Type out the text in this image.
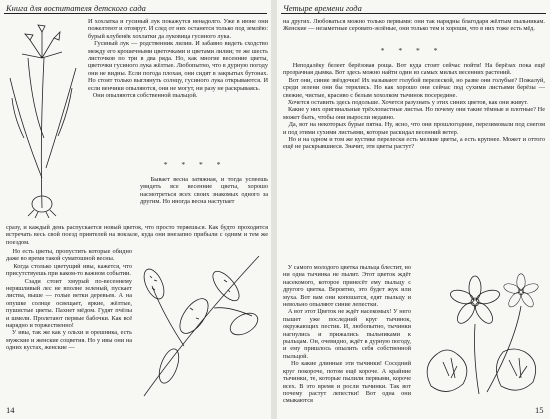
Книга для воспитателя детского сада
И хохлатка и гусиный лук покажутся ненадолго. Уже в июне они пожелтеют и отомрут. И след от них останется только под землёю: бурый клубенёк хохлатки да луковица гусиного лука.
Гусиный лук — родственник лилии. И забавно видеть сходство между его крошечными цветочками и цветами лилии; те же шесть листочков по три в два ряда. Но, как многие весенние цветы, цветочки гусиного лука жёлтые. Любопытно, что в дурную погоду они не видны. Если погода плохая, они сидят в закрытых бутонах. Но стоит только выглянуть солнцу, гусиного лука открываются. И если венчики опыляются, они не могут, ни разу не раскрываясь.
Они опыляются собственной пыльцой.
* * * *
Бывает весна затяжная, и тогда успеешь увидеть все весенние цветы, хорошо насмотреться всех своих знакомых одного за другим. Но иногда весна наступает
сразу, и каждый день распускается новый цветок, что просто теряешься. Как будто проходится встречать весь свой поезд приятелей на вокзале, куда они внезапно прибыли с одним и тем же поездом.
Но есть цветы, пропустить которые обидно даже во время такой суматошной весны.
Когда столько цветущий ивы, кажется, что присутствуешь при каком-то важном событии.
Сзади стоит хмурый по-весеннему неряшливый лес не вполне зеленый, пускает листва, выше — голые ветки деревьев. А на опушке солнце освещает, яркие, жёлтые, пушистые цветы. Пахнет мёдом. Гудят пчёлы и шмели. Пролетают первые бабочки. Как всё нарядно и торжественно!
У ивы, так же как у ольхи и орешника, есть мужские и женские соцветия. Но у ивы они на одних кустах, женские —
14
Четыре времени года
на других. Любоваться можно только первыми: они так нарядны благодаря жёлтым пыльникам. Женские — незаметные серовато-зелёные, они только тем и хороши, что в них тоже есть мёд.
* * * *
Неподалёку белеет берёзовая роща. Вот куда стоит сейчас пойти! На берёзах пока ещё прозрачная дымка. Вот здесь можно найти один из самых милых весенних растений.
Вот они, синие звёздочки! Их называют голубой перелеской, но разве они голубые? Пожалуй, среди зелени они бы терялись. Но как хорошо они сейчас под сухими листьями берёзы — свежие, чистые, красиво с белым хохолком тычинок посередине.
Хочется оставить здесь подольше. Хочется разузнать у этих синих цветов, как они живут.
Какие у них оригинальные трёхлопастные листья. Но почему они такие тёмные и плотные? Не может быть, чтобы они выросли недавно.
Да, вот на некоторых бурые пятна. Ну, ясно, что они прошлогодние, перезимовали под снегом и под этими сухими листьями, которые раскидал весенний ветер.
Но и на одном и том же кустике перелески есть мелкие цветы, а есть крупнее. Может и оттого ещё не раскрывшиеся. Значит, эти цветы растут?
У самого молодого цветка пыльца блестит, но ни одна тычинка не пылит. Этот цветок ждёт насекомого, которое принесёт ему пыльцу с другого цветка. Вероятно, это будет жук или муха. Вот вам они копошатся, едят пыльцу и невольно опыляют синие лепестки.
А вот этот Цветок не ждёт насекомых! У него пышет уже последний круг тычинок, окружающих пестик. И, любопытно, тычинки нагнулись и прижались пыльниками к рыльцам. Он, очевидно, ждёт в дурную погоду, и ему пришлось опылить себя собственной пыльцой.
Но какие длинные эти тычинки! Соседний круг покороче, потом ещё короче. А крайние тычинки, те, которые пылили первыми, короче всех. В это время и росли тычинки. Так вот почему растут лепестки! Вот одна они смыкаются
15
